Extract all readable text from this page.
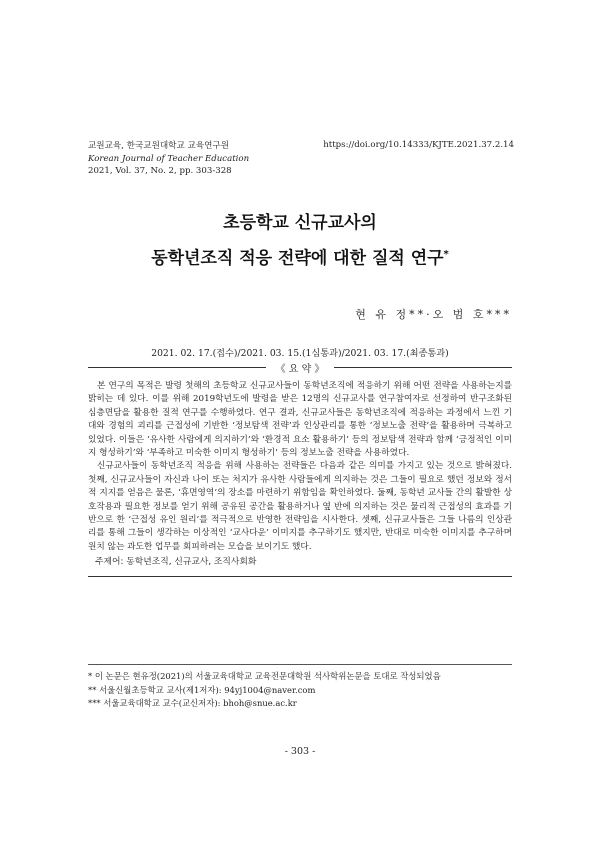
교원교육, 한국교원대학교 교육연구원
Korean Journal of Teacher Education
2021, Vol. 37, No. 2, pp. 303-328
https://doi.org/10.14333/KJTE.2021.37.2.14
초등학교 신규교사의
동학년조직 적응 전략에 대한 질적 연구*
현 유 정**·오 범 호***
2021. 02. 17.(접수)/2021. 03. 15.(1심통과)/2021. 03. 17.(최종통과)
《 요 약 》

본 연구의 목적은 발령 첫해의 초등학교 신규교사들이 동학년조직에 적응하기 위해 어떤 전략을 사용하는지를 밝히는 데 있다. 이를 위해 2019학년도에 발령을 받은 12명의 신규교사를 연구참여자로 선정하여 반구조화된 심층면담을 활용한 질적 연구를 수행하였다. 연구 결과, 신규교사들은 동학년조직에 적응하는 과정에서 느낀 기대와 경험의 괴리를 근접성에 기반한 ‘정보탐색 전략’과 인상관리를 통한 ‘정보노출 전략’을 활용하며 극복하고 있었다. 이들은 ‘유사한 사람에게 의지하기’와 ‘환경적 요소 활용하기’ 등의 정보탐색 전략과 함께 ‘긍정적인 이미지 형성하기’와 ‘부족하고 미숙한 이미지 형성하기’ 등의 정보노출 전략을 사용하였다.

신규교사들이 동학년조직 적응을 위해 사용하는 전략들은 다음과 같은 의미를 가지고 있는 것으로 밝혀졌다. 첫째, 신규교사들이 자신과 나이 또는 처지가 유사한 사람들에게 의지하는 것은 그들이 필요로 했던 정보와 정서적 지지를 얻음은 물론, ‘휴면영역’의 장소를 마련하기 위함임을 확인하였다. 둘째, 동학년 교사들 간의 활발한 상호작용과 필요한 정보를 얻기 위해 공유된 공간을 활용하거나 옆 반에 의지하는 것은 물리적 근접성의 효과를 기반으로 한 ‘근접성 유인 원리’를 적극적으로 반영한 전략임을 시사한다. 셋째, 신규교사들은 그들 나름의 인상관리를 통해 그들이 생각하는 이상적인 ‘교사다운’ 이미지를 추구하기도 했지만, 반대로 미숙한 이미지를 추구하며 원치 않는 과도한 업무를 회피하려는 모습을 보이기도 했다.

주제어: 동학년조직, 신규교사, 조직사회화
* 이 논문은 현유정(2021)의 서울교육대학교 교육전문대학원 석사학위논문을 토대로 작성되었음
** 서울신월초등학교 교사(제1저자): 94yj1004@naver.com
*** 서울교육대학교 교수(교신저자): bhoh@snue.ac.kr
- 303 -
